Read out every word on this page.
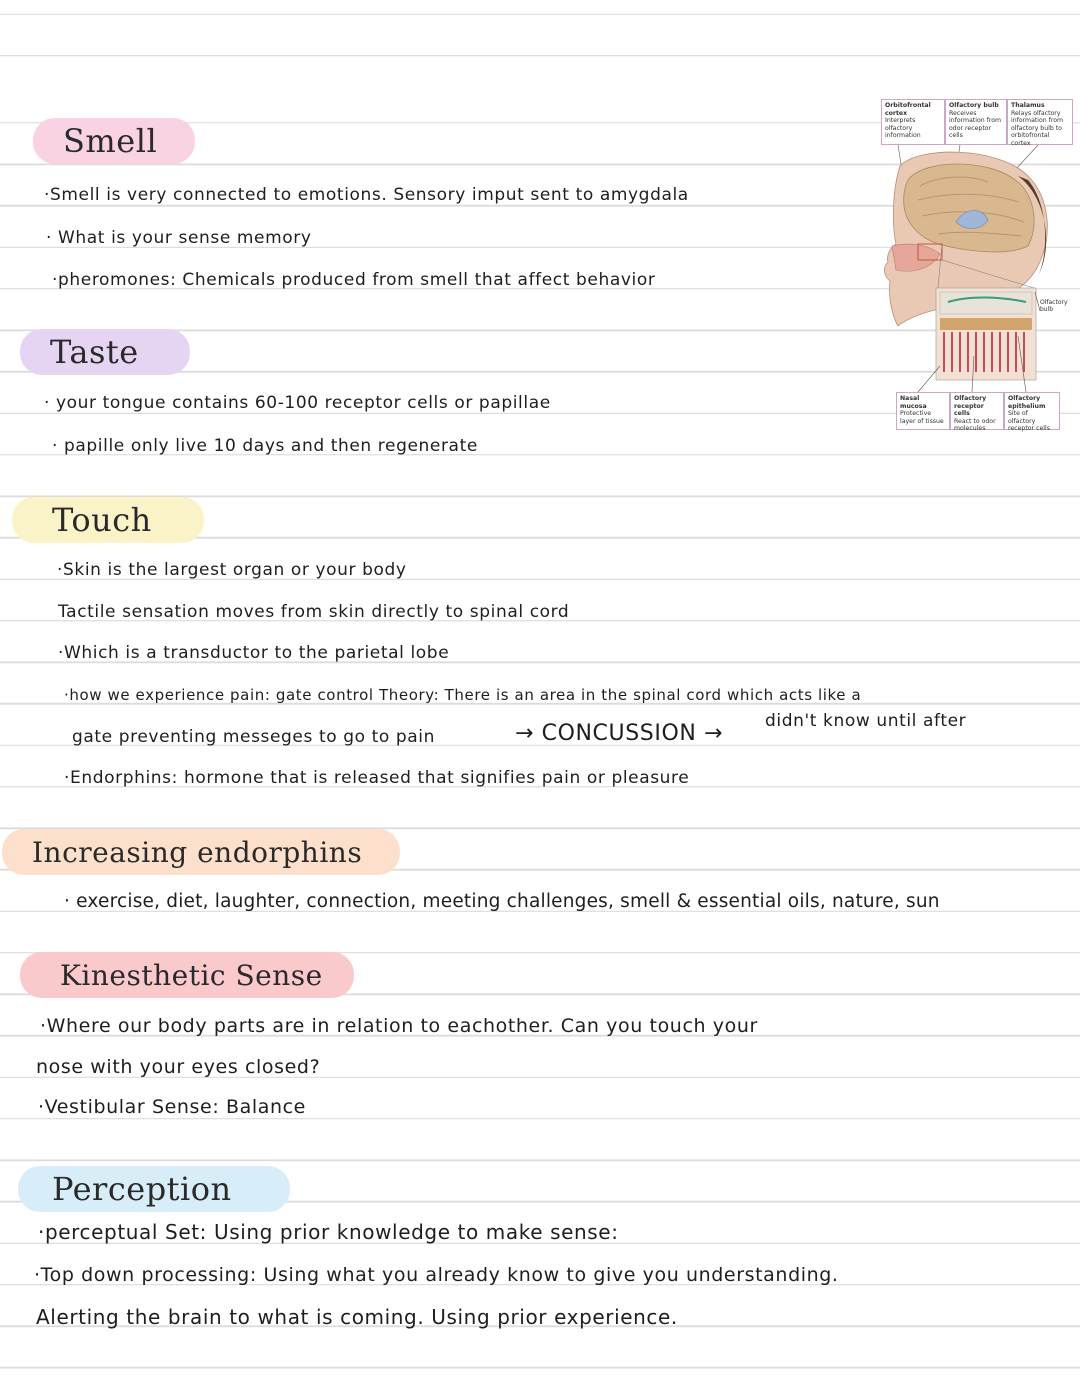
Smell
·Smell is very connected to emotions. Sensory imput sent to amygdala
· What is your sense memory
·pheromones: Chemicals produced from smell that affect behavior
Taste
· your tongue contains 60-100 receptor cells or papillae
· papille only live 10 days and then regenerate
Touch
·Skin is the largest organ or your body
Tactile sensation moves from skin directly to spinal cord
·Which is a transductor to the parietal lobe
·how we experience pain: gate control Theory: There is an area in the spinal cord which acts like a
gate preventing messeges to go to pain	→ CONCUSSION → didn't know until after
·Endorphins: hormone that is released that signifies pain or pleasure
Increasing endorphins
· exercise, diet, laughter, connection, meeting challenges, smell & essential oils, nature, sun
Kinesthetic Sense
·Where our body parts are in relation to eachother. Can you touch your
nose with your eyes closed?
·Vestibular Sense: Balance
Perception
·perceptual Set: Using prior knowledge to make sense:
·Top down processing: Using what you already know to give you understanding.
Alerting the brain to what is coming. Using prior experience.
Orbitofrontal cortex
Interprets olfactory information
Olfactory bulb
Receives information from odor receptor cells
Thalamus
Relays olfactory information from olfactory bulb to orbitofrontal cortex
Olfactory bulb
Nasal mucosa
Protective layer of tissue
Olfactory receptor cells
React to odor molecules
Olfactory epithelium
Site of olfactory receptor cells
